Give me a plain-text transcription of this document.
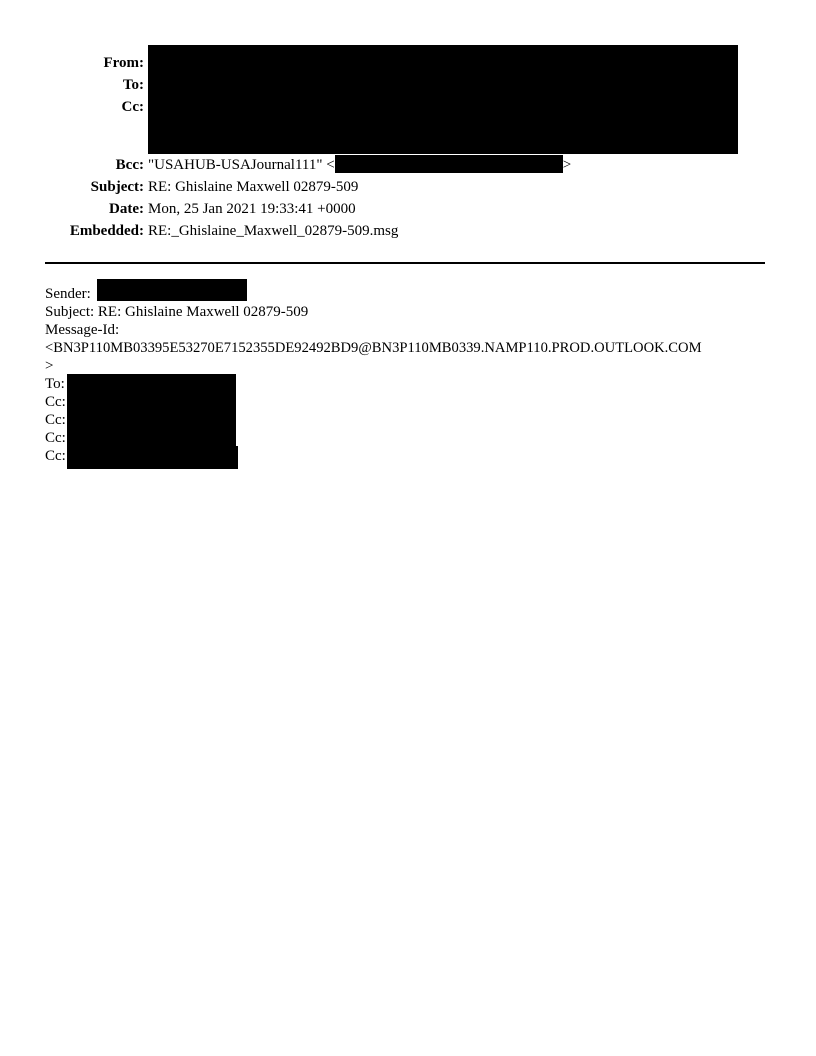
From:
To:
Cc:
Bcc: "USAHUB-USAJournal111" <	>
Subject: RE: Ghislaine Maxwell 02879-509
Date: Mon, 25 Jan 2021 19:33:41 +0000
Embedded: RE:_Ghislaine_Maxwell_02879-509.msg
Sender:
Subject: RE: Ghislaine Maxwell 02879-509
Message-Id:
<BN3P110MB03395E53270E7152355DE92492BD9@BN3P110MB0339.NAMP110.PROD.OUTLOOK.COM
>
To:
Cc:
Cc:
Cc:
Cc:
